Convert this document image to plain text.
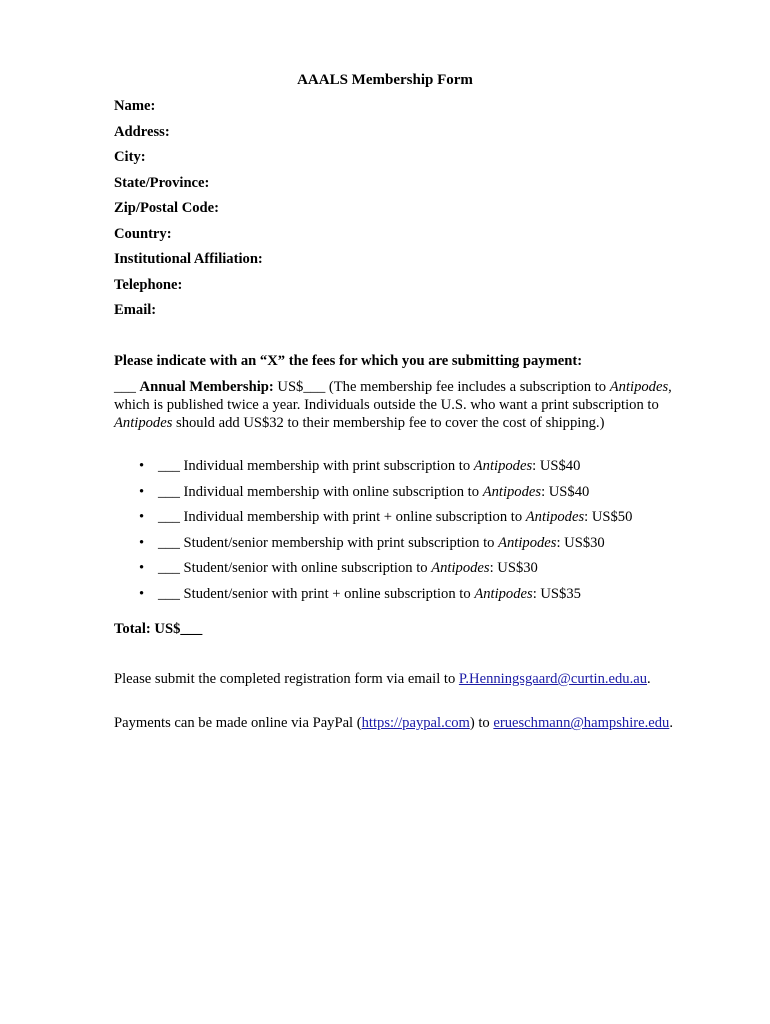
AAALS Membership Form
Name:
Address:
City:
State/Province:
Zip/Postal Code:
Country:
Institutional Affiliation:
Telephone:
Email:
Please indicate with an “X” the fees for which you are submitting payment:
___ Annual Membership: US$___ (The membership fee includes a subscription to Antipodes, which is published twice a year. Individuals outside the U.S. who want a print subscription to Antipodes should add US$32 to their membership fee to cover the cost of shipping.)
• ___ Individual membership with print subscription to Antipodes: US$40
• ___ Individual membership with online subscription to Antipodes: US$40
• ___ Individual membership with print + online subscription to Antipodes: US$50
• ___ Student/senior membership with print subscription to Antipodes: US$30
• ___ Student/senior with online subscription to Antipodes: US$30
• ___ Student/senior with print + online subscription to Antipodes: US$35
Total: US$___
Please submit the completed registration form via email to P.Henningsgaard@curtin.edu.au.
Payments can be made online via PayPal (https://paypal.com) to erueschmann@hampshire.edu.
